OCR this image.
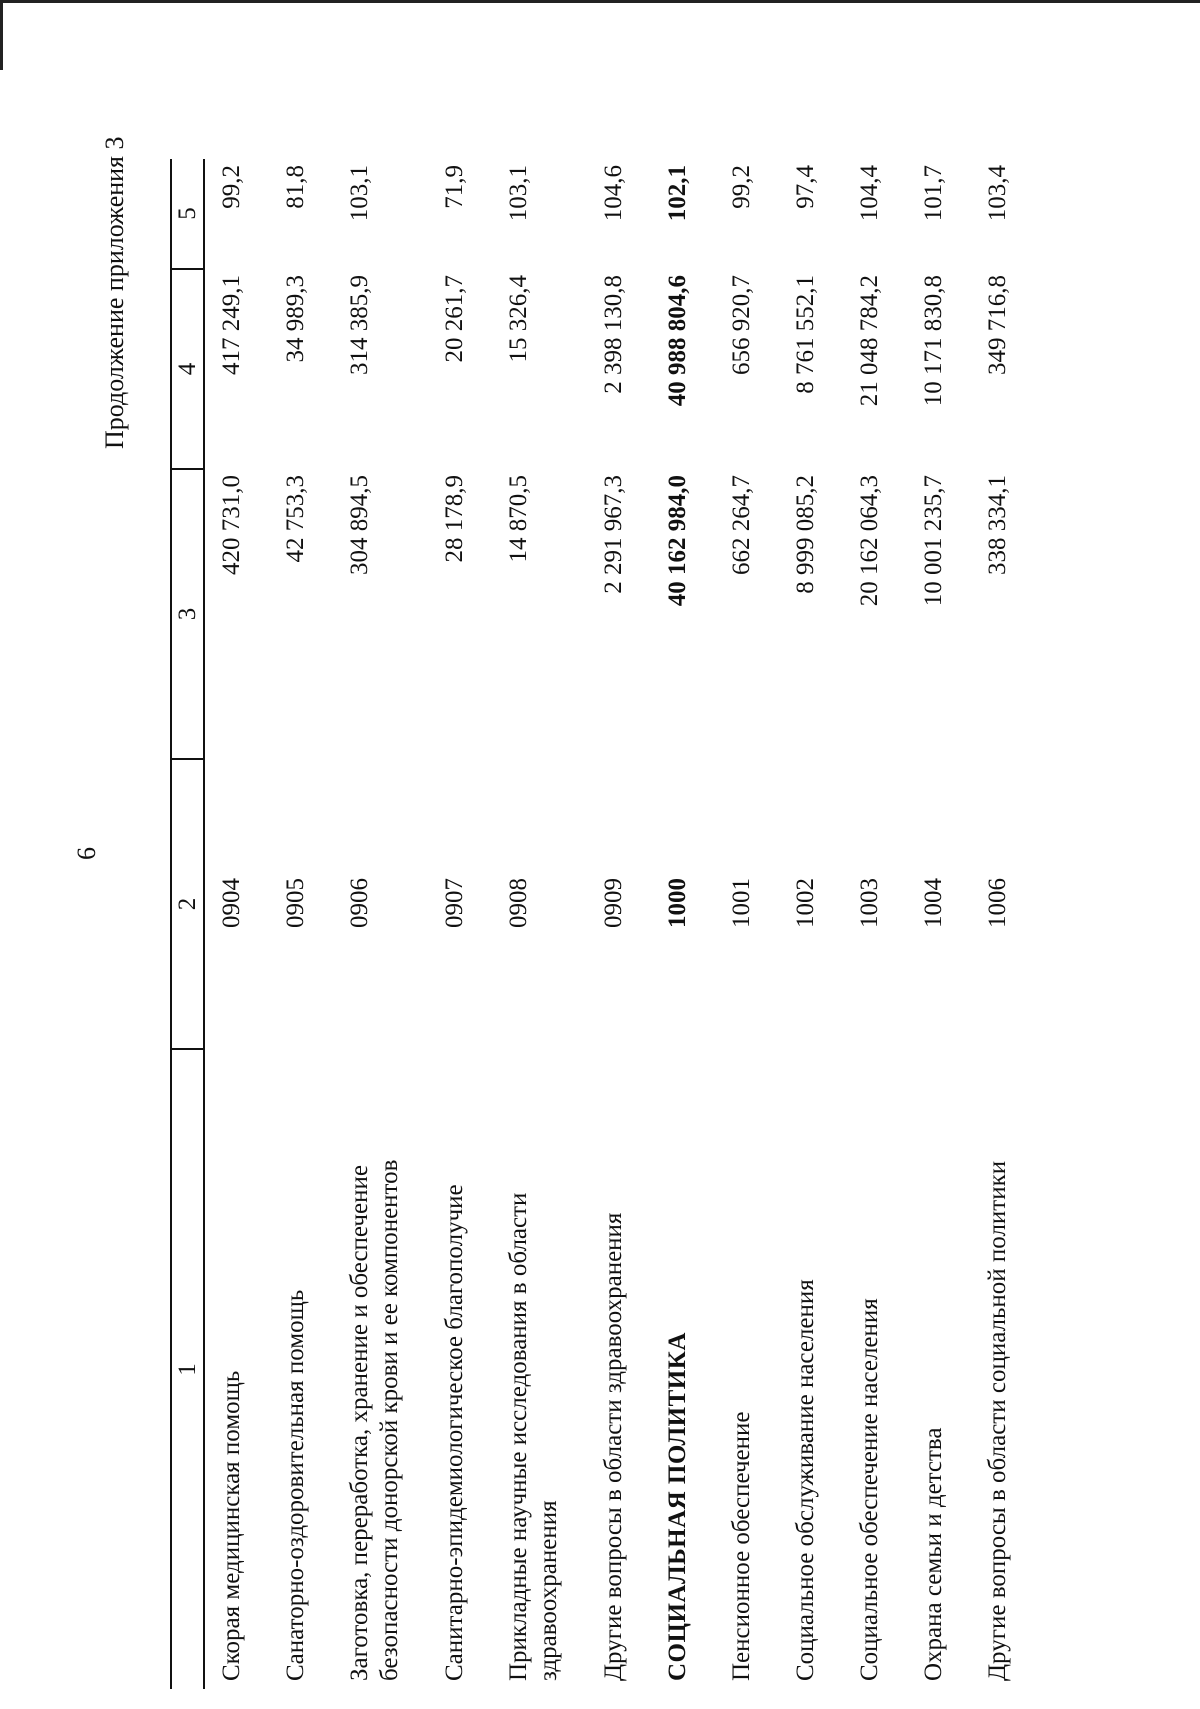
6
Продолжение приложения 3
1	2	3	4	5
Скорая медицинская помощь	0904	420 731,0	417 249,1	99,2
Санаторно-оздоровительная помощь	0905	42 753,3	34 989,3	81,8
Заготовка, переработка, хранение и обеспечение безопасности донорской крови и ее компонентов	0906	304 894,5	314 385,9	103,1
Санитарно-эпидемиологическое благополучие	0907	28 178,9	20 261,7	71,9
Прикладные научные исследования в области здравоохранения	0908	14 870,5	15 326,4	103,1
Другие вопросы в области здравоохранения	0909	2 291 967,3	2 398 130,8	104,6
СОЦИАЛЬНАЯ ПОЛИТИКА	1000	40 162 984,0	40 988 804,6	102,1
Пенсионное обеспечение	1001	662 264,7	656 920,7	99,2
Социальное обслуживание населения	1002	8 999 085,2	8 761 552,1	97,4
Социальное обеспечение населения	1003	20 162 064,3	21 048 784,2	104,4
Охрана семьи и детства	1004	10 001 235,7	10 171 830,8	101,7
Другие вопросы в области социальной политики	1006	338 334,1	349 716,8	103,4
